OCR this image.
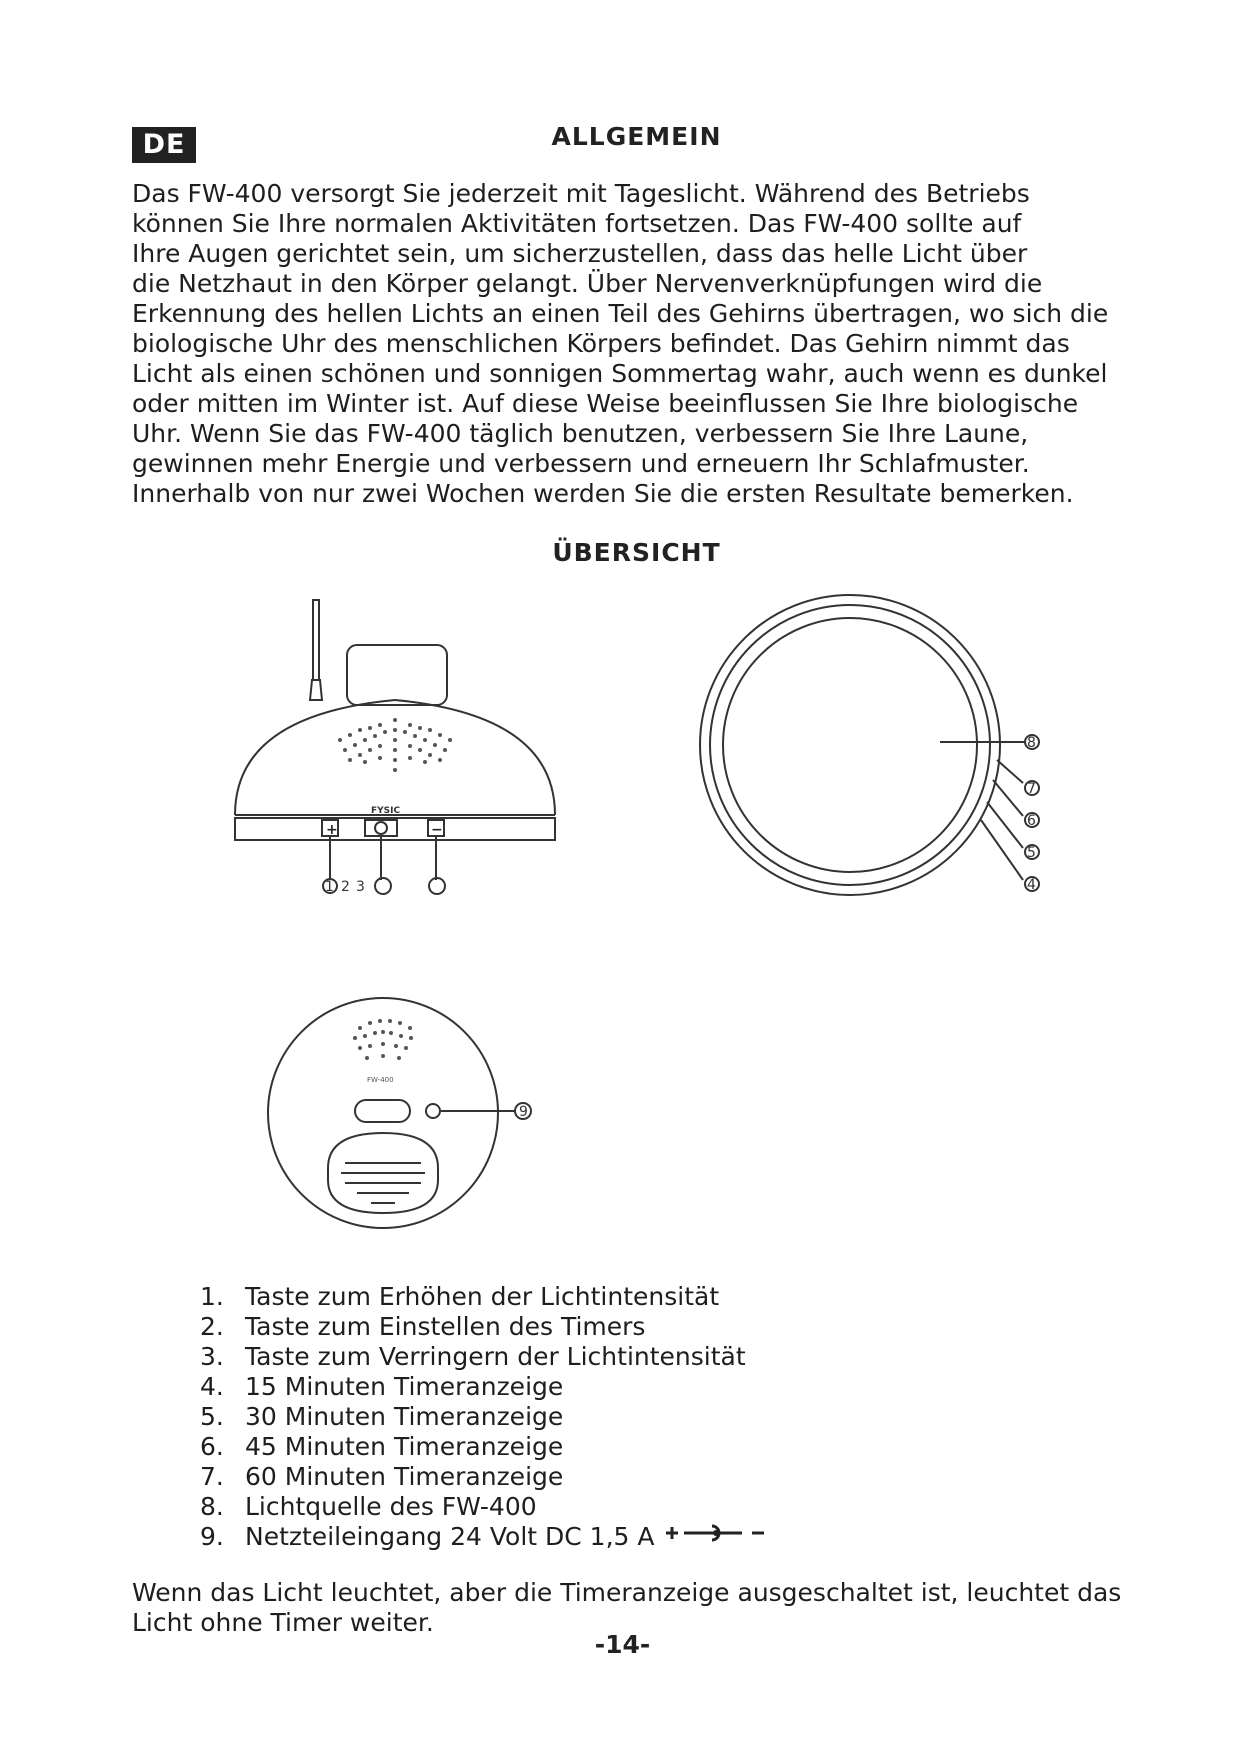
DE	ALLGEMEIN

Das FW-400 versorgt Sie jederzeit mit Tageslicht. Während des Betriebs
können Sie Ihre normalen Aktivitäten fortsetzen. Das FW-400 sollte auf
Ihre Augen gerichtet sein, um sicherzustellen, dass das helle Licht über
die Netzhaut in den Körper gelangt. Über Nervenverknüpfungen wird die
Erkennung des hellen Lichts an einen Teil des Gehirns übertragen, wo sich die
biologische Uhr des menschlichen Körpers befindet. Das Gehirn nimmt das
Licht als einen schönen und sonnigen Sommertag wahr, auch wenn es dunkel
oder mitten im Winter ist. Auf diese Weise beeinflussen Sie Ihre biologische
Uhr. Wenn Sie das FW-400 täglich benutzen, verbessern Sie Ihre Laune,
gewinnen mehr Energie und verbessern und erneuern Ihr Schlafmuster.
Innerhalb von nur zwei Wochen werden Sie die ersten Resultate bemerken.

ÜBERSICHT
FYSIC
+	−
1 2 3
8
7
6
5
4
FW-400
9
1. Taste zum Erhöhen der Lichtintensität
2. Taste zum Einstellen des Timers
3. Taste zum Verringern der Lichtintensität
4. 15 Minuten Timeranzeige
5. 30 Minuten Timeranzeige
6. 45 Minuten Timeranzeige
7. 60 Minuten Timeranzeige
8. Lichtquelle des FW-400
9. Netzteileingang 24 Volt DC 1,5 A

Wenn das Licht leuchtet, aber die Timeranzeige ausgeschaltet ist, leuchtet das
Licht ohne Timer weiter.

-14-
